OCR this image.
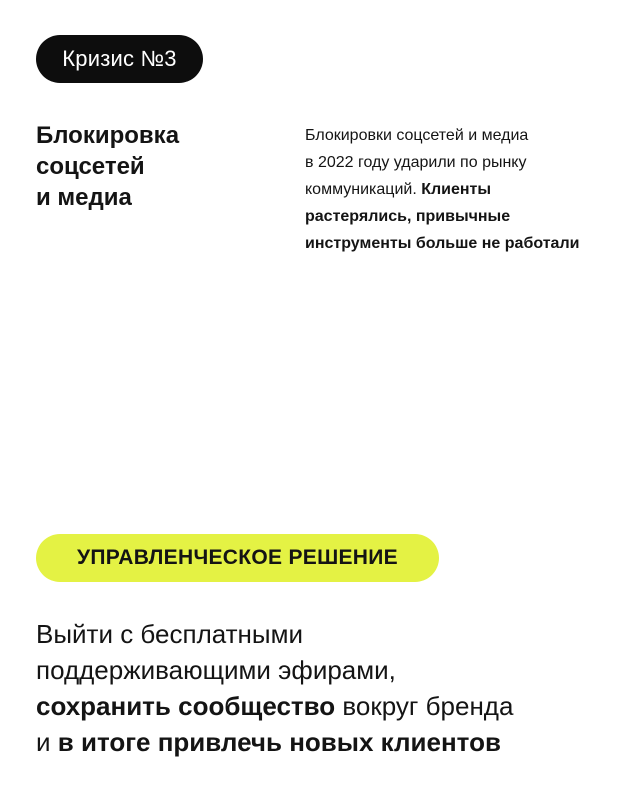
Кризис №3
Блокировка
соцсетей
и медиа

Блокировки соцсетей и медиа
в 2022 году ударили по рынку
коммуникаций. Клиенты
растерялись, привычные
инструменты больше не работали

УПРАВЛЕНЧЕСКОЕ РЕШЕНИЕ

Выйти с бесплатными
поддерживающими эфирами,
сохранить сообщество вокруг бренда
и в итоге привлечь новых клиентов
